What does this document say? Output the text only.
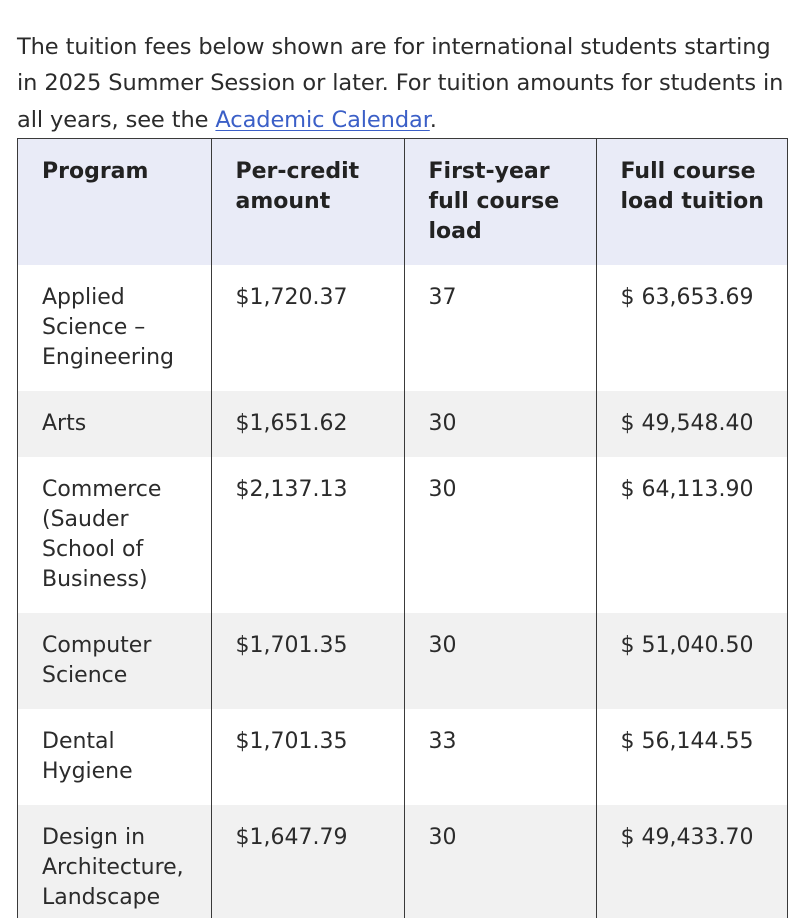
The tuition fees below shown are for international students starting in 2025 Summer Session or later. For tuition amounts for students in all years, see the Academic Calendar.

Program	Per-credit amount	First-year full course load	Full course load tuition
Applied Science – Engineering	$1,720.37	37	$ 63,653.69
Arts	$1,651.62	30	$ 49,548.40
Commerce (Sauder School of Business)	$2,137.13	30	$ 64,113.90
Computer Science	$1,701.35	30	$ 51,040.50
Dental Hygiene	$1,701.35	33	$ 56,144.55
Design in Architecture, Landscape	$1,647.79	30	$ 49,433.70
